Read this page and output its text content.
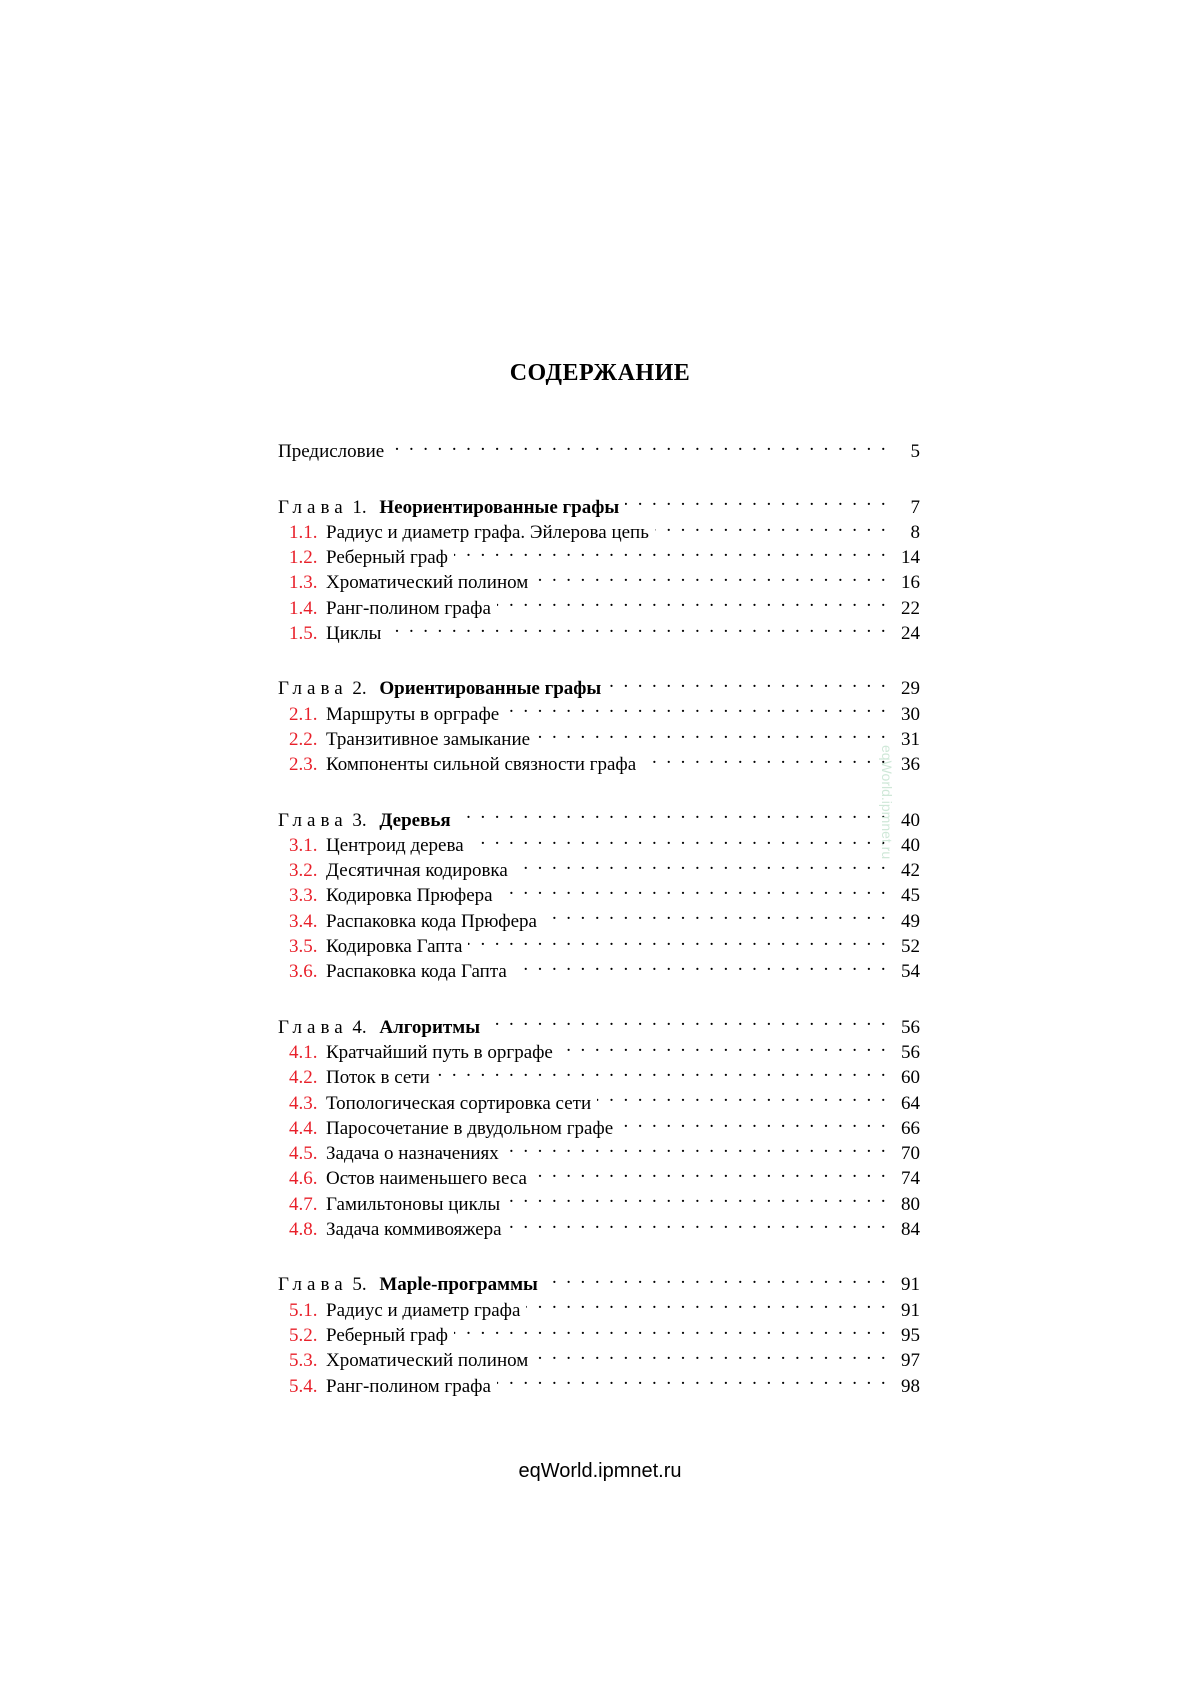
СОДЕРЖАНИЕ
Предисловие
. . .	5
Глава 1. Неориентированные графы
. . .	7
1.1. Радиус и диаметр графа. Эйлерова цепь
. . .	8
1.2. Реберный граф
. . .	14
1.3. Хроматический полином
. . .	16
1.4. Ранг-полином графа
. . .	22
1.5. Циклы
. . .	24
Глава 2. Ориентированные графы
. . .	29
2.1. Маршруты в орграфе
. . .	30
2.2. Транзитивное замыкание
. . .	31
2.3. Компоненты сильной связности графа
. . .	36
Глава 3. Деревья
. . .	40
3.1. Центроид дерева
. . .	40
3.2. Десятичная кодировка
. . .	42
3.3. Кодировка Прюфера
. . .	45
3.4. Распаковка кода Прюфера
. . .	49
3.5. Кодировка Гапта
. . .	52
3.6. Распаковка кода Гапта
. . .	54
Глава 4. Алгоритмы
. . .	56
4.1. Кратчайший путь в орграфе
. . .	56
4.2. Поток в сети
. . .	60
4.3. Топологическая сортировка сети
. . .	64
4.4. Паросочетание в двудольном графе
. . .	66
4.5. Задача о назначениях
. . .	70
4.6. Остов наименьшего веса
. . .	74
4.7. Гамильтоновы циклы
. . .	80
4.8. Задача коммивояжера
. . .	84
Глава 5. Maple-программы
. . .	91
5.1. Радиус и диаметр графа
. . .	91
5.2. Реберный граф
. . .	95
5.3. Хроматический полином
. . .	97
5.4. Ранг-полином графа
. . .	98
eqWorld.ipmnet.ru
eqWorld.ipmnet.ru
